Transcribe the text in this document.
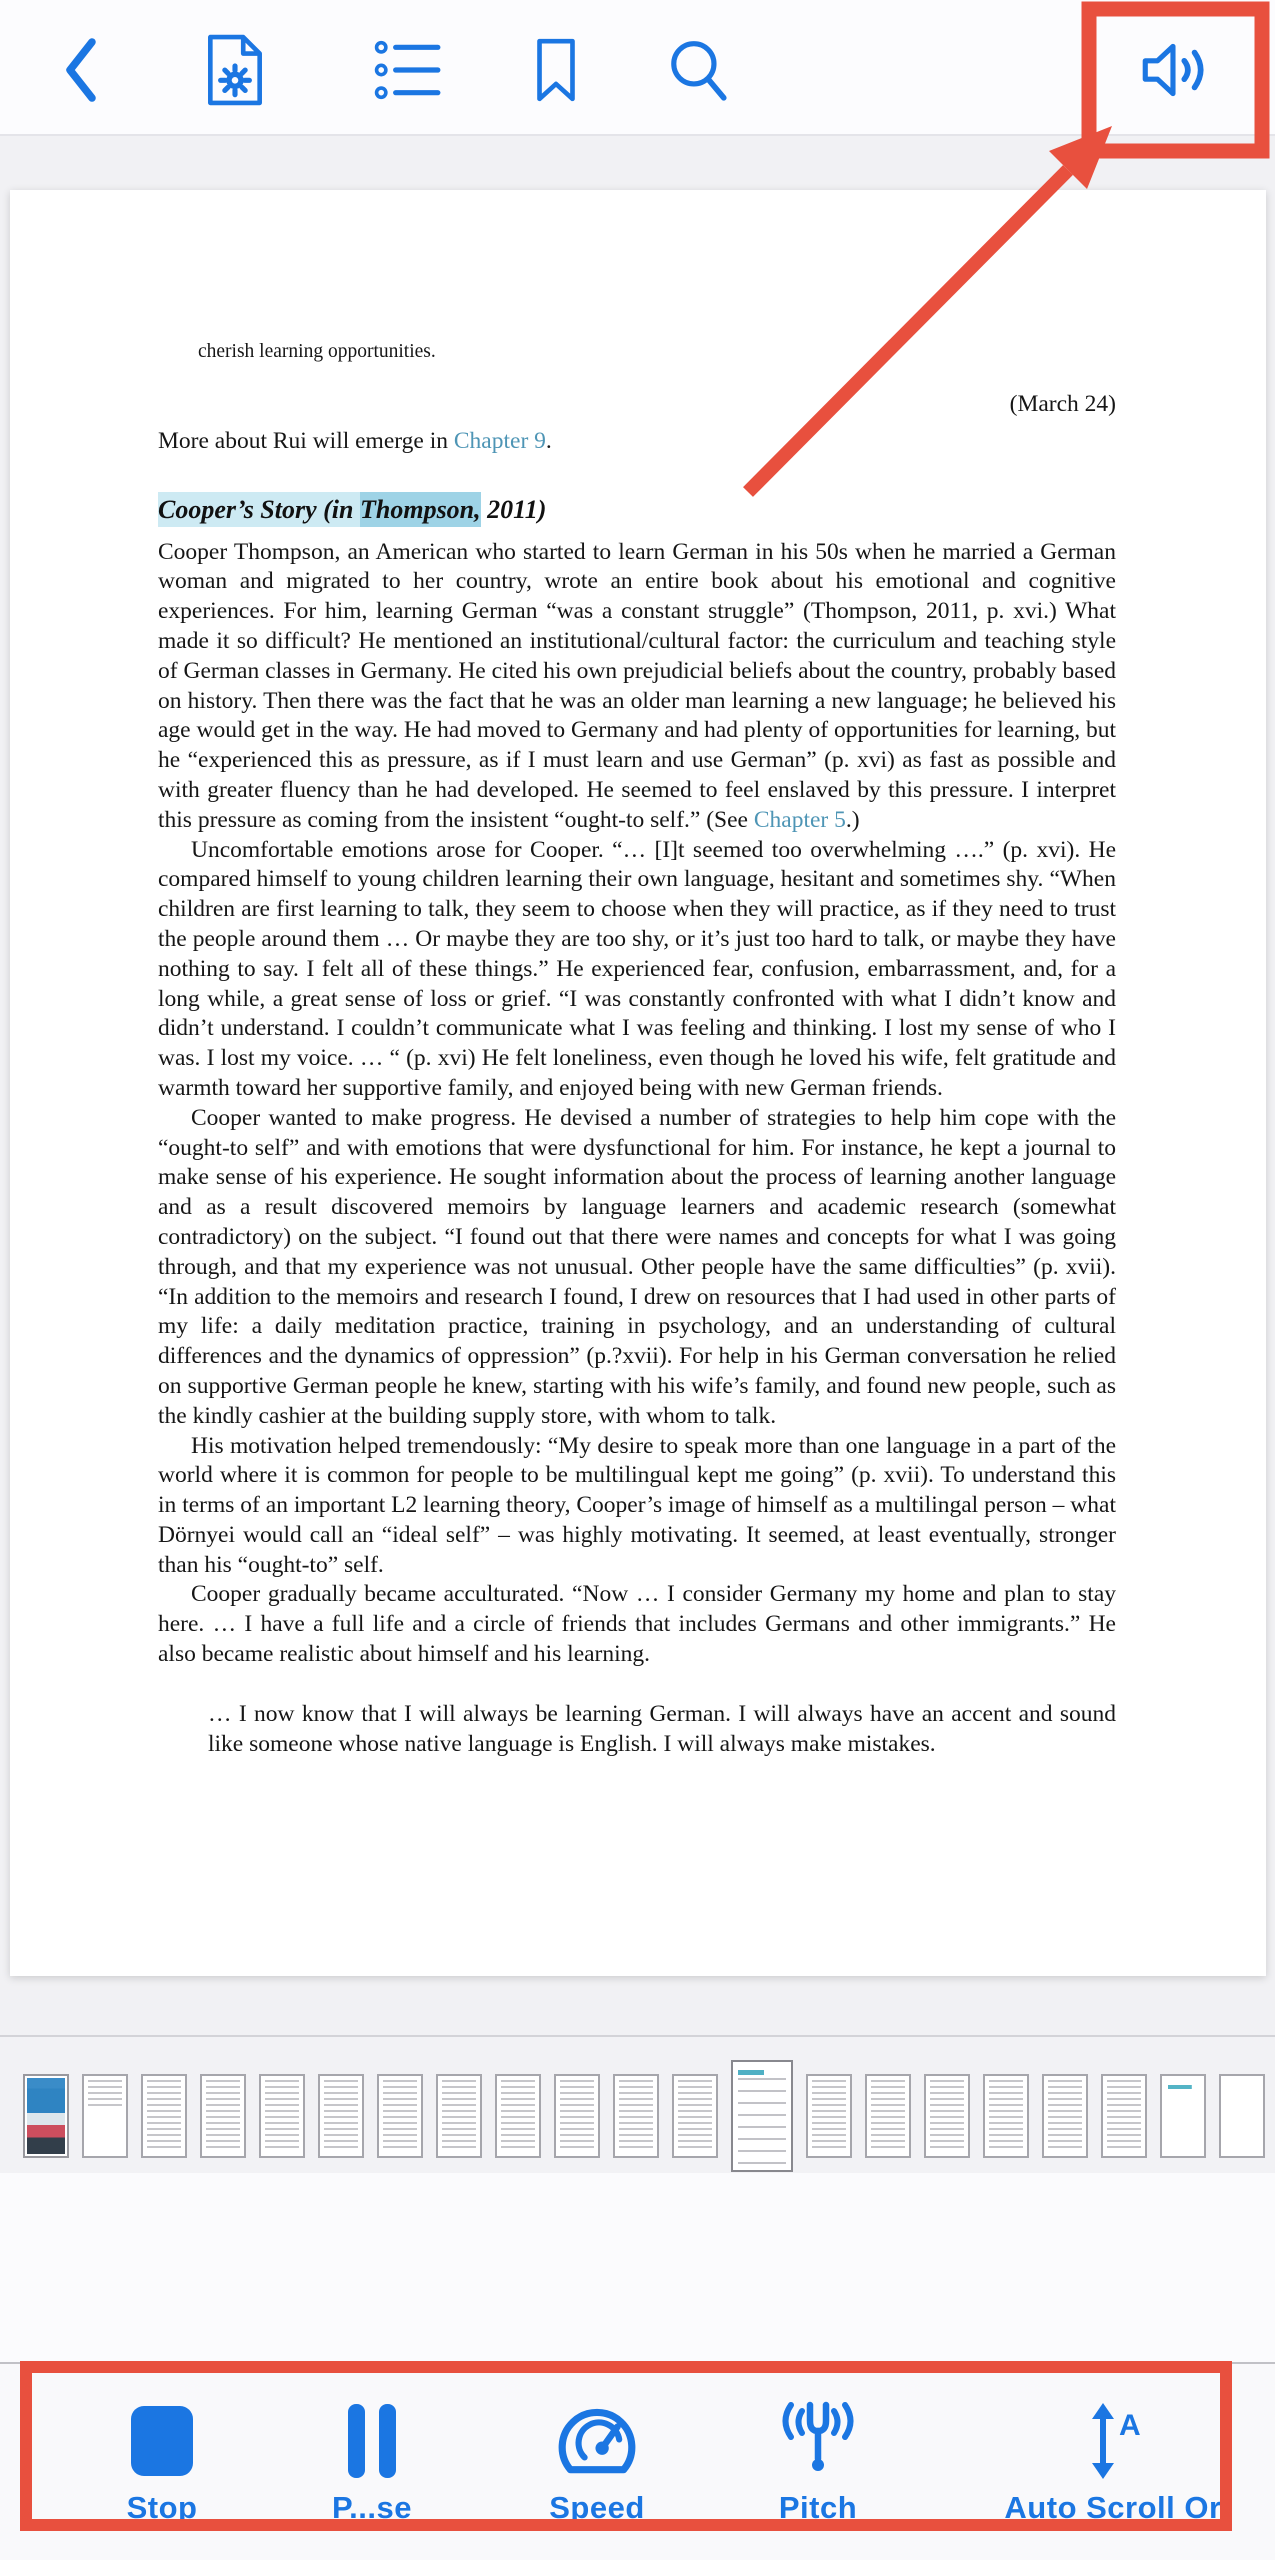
cherish learning opportunities.
(March 24)
More about Rui will emerge in Chapter 9.
Cooper’s Story (in Thompson, 2011)

Cooper Thompson, an American who started to learn German in his 50s when he married a German woman and migrated to her country, wrote an entire book about his emotional and cognitive experiences. For him, learning German “was a constant struggle” (Thompson, 2011, p. xvi.) What made it so difficult? He mentioned an institutional/cultural factor: the curriculum and teaching style of German classes in Germany. He cited his own prejudicial beliefs about the country, probably based on history. Then there was the fact that he was an older man learning a new language; he believed his age would get in the way. He had moved to Germany and had plenty of opportunities for learning, but he “experienced this as pressure, as if I must learn and use German” (p. xvi) as fast as possible and with greater fluency than he had developed. He seemed to feel enslaved by this pressure. I interpret this pressure as coming from the insistent “ought-to self.” (See Chapter 5.)

Uncomfortable emotions arose for Cooper. “… [I]t seemed too overwhelming ….” (p. xvi). He compared himself to young children learning their own language, hesitant and sometimes shy. “When children are first learning to talk, they seem to choose when they will practice, as if they need to trust the people around them … Or maybe they are too shy, or it’s just too hard to talk, or maybe they have nothing to say. I felt all of these things.” He experienced fear, confusion, embarrassment, and, for a long while, a great sense of loss or grief. “I was constantly confronted with what I didn’t know and didn’t understand. I couldn’t communicate what I was feeling and thinking. I lost my sense of who I was. I lost my voice. … “ (p. xvi) He felt loneliness, even though he loved his wife, felt gratitude and warmth toward her supportive family, and enjoyed being with new German friends.

Cooper wanted to make progress. He devised a number of strategies to help him cope with the “ought-to self” and with emotions that were dysfunctional for him. For instance, he kept a journal to make sense of his experience. He sought information about the process of learning another language and as a result discovered memoirs by language learners and academic research (somewhat contradictory) on the subject. “I found out that there were names and concepts for what I was going through, and that my experience was not unusual. Other people have the same difficulties” (p. xvii). “In addition to the memoirs and research I found, I drew on resources that I had used in other parts of my life: a daily meditation practice, training in psychology, and an understanding of cultural differences and the dynamics of oppression” (p.?xvii). For help in his German conversation he relied on supportive German people he knew, starting with his wife’s family, and found new people, such as the kindly cashier at the building supply store, with whom to talk.

His motivation helped tremendously: “My desire to speak more than one language in a part of the world where it is common for people to be multilingual kept me going” (p. xvii). To understand this in terms of an important L2 learning theory, Cooper’s image of himself as a multilingal person – what Dörnyei would call an “ideal self” – was highly motivating. It seemed, at least eventually, stronger than his “ought-to” self.

Cooper gradually became acculturated. “Now … I consider Germany my home and plan to stay here. … I have a full life and a circle of friends that includes Germans and other immigrants.” He also became realistic about himself and his learning.

… I now know that I will always be learning German. I will always have an accent and sound like someone whose native language is English. I will always make mistakes.
Stop	P...se	Speed	Pitch
A
Auto Scroll Or
